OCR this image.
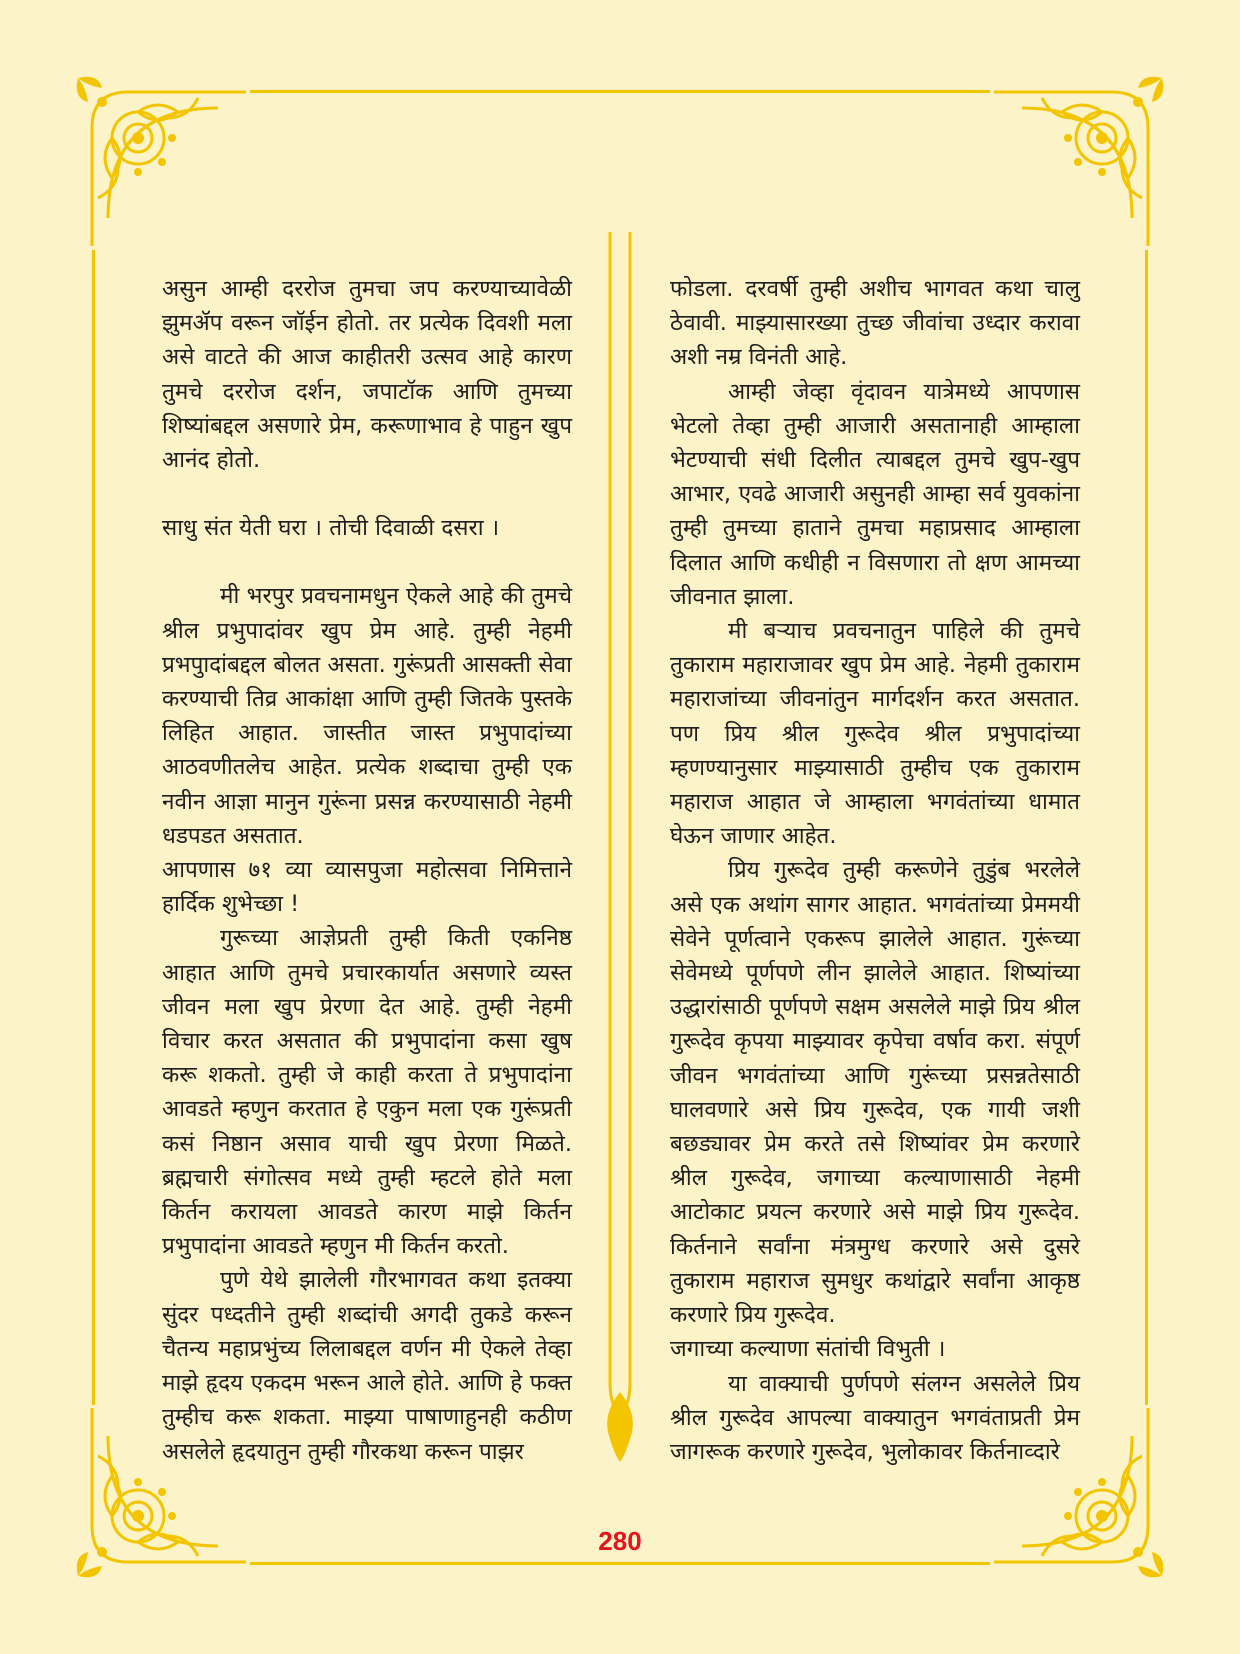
असुन आम्ही दररोज तुमचा जप करण्याच्यावेळी झुमॲप वरून जॉईन होतो. तर प्रत्येक दिवशी मला असे वाटते की आज काहीतरी उत्सव आहे कारण तुमचे दररोज दर्शन, जपाटॉक आणि तुमच्या शिष्यांबद्दल असणारे प्रेम, करूणाभाव हे पाहुन खुप आनंद होतो.

साधु संत येती घरा । तोची दिवाळी दसरा ।

मी भरपुर प्रवचनामधुन ऐकले आहे की तुमचे श्रील प्रभुपादांवर खुप प्रेम आहे. तुम्ही नेहमी प्रभपुादांबद्दल बोलत असता. गुरूंप्रती आसक्ती सेवा करण्याची तिव्र आकांक्षा आणि तुम्ही जितके पुस्तके लिहित आहात. जास्तीत जास्त प्रभुपादांच्या आठवणीतलेच आहेत. प्रत्येक शब्दाचा तुम्ही एक नवीन आज्ञा मानुन गुरूंना प्रसन्न करण्यासाठी नेहमी धडपडत असतात.

आपणास ७१ व्या व्यासपुजा महोत्सवा निमित्ताने हार्दिक शुभेच्छा !

गुरूच्या आज्ञेप्रती तुम्ही किती एकनिष्ठ आहात आणि तुमचे प्रचारकार्यात असणारे व्यस्त जीवन मला खुप प्रेरणा देत आहे. तुम्ही नेहमी विचार करत असतात की प्रभुपादांना कसा खुष करू शकतो. तुम्ही जे काही करता ते प्रभुपादांना आवडते म्हणुन करतात हे एकुन मला एक गुरूंप्रती कसं निष्ठान असाव याची खुप प्रेरणा मिळते. ब्रह्मचारी संगोत्सव मध्ये तुम्ही म्हटले होते मला किर्तन करायला आवडते कारण माझे किर्तन प्रभुपादांना आवडते म्हणुन मी किर्तन करतो.

पुणे येथे झालेली गौरभागवत कथा इतक्या सुंदर पध्दतीने तुम्ही शब्दांची अगदी तुकडे करून चैतन्य महाप्रभुंच्य लिलाबद्दल वर्णन मी ऐकले तेव्हा माझे हृदय एकदम भरून आले होते. आणि हे फक्त तुम्हीच करू शकता. माझ्या पाषाणाहुनही कठीण असलेले हृदयातुन तुम्ही गौरकथा करून पाझर

फोडला. दरवर्षी तुम्ही अशीच भागवत कथा चालु ठेवावी. माझ्यासारख्या तुच्छ जीवांचा उध्दार करावा अशी नम्र विनंती आहे.

आम्ही जेव्हा वृंदावन यात्रेमध्ये आपणास भेटलो तेव्हा तुम्ही आजारी असतानाही आम्हाला भेटण्याची संधी दिलीत त्याबद्दल तुमचे खुप-खुप आभार, एवढे आजारी असुनही आम्हा सर्व युवकांना तुम्ही तुमच्या हाताने तुमचा महाप्रसाद आम्हाला दिलात आणि कधीही न विसणारा तो क्षण आमच्या जीवनात झाला.

मी बऱ्याच प्रवचनातुन पाहिले की तुमचे तुकाराम महाराजावर खुप प्रेम आहे. नेहमी तुकाराम महाराजांच्या जीवनांतुन मार्गदर्शन करत असतात. पण प्रिय श्रील गुरूदेव श्रील प्रभुपादांच्या म्हणण्यानुसार माझ्यासाठी तुम्हीच एक तुकाराम महाराज आहात जे आम्हाला भगवंतांच्या धामात घेऊन जाणार आहेत.

प्रिय गुरूदेव तुम्ही करूणेने तुडुंब भरलेले असे एक अथांग सागर आहात. भगवंतांच्या प्रेममयी सेवेने पूर्णत्वाने एकरूप झालेले आहात. गुरूंच्या सेवेमध्ये पूर्णपणे लीन झालेले आहात. शिष्यांच्या उद्धारांसाठी पूर्णपणे सक्षम असलेले माझे प्रिय श्रील गुरूदेव कृपया माझ्यावर कृपेचा वर्षाव करा. संपूर्ण जीवन भगवंतांच्या आणि गुरूंच्या प्रसन्नतेसाठी घालवणारे असे प्रिय गुरूदेव, एक गायी जशी बछड्यावर प्रेम करते तसे शिष्यांवर प्रेम करणारे श्रील गुरूदेव, जगाच्या कल्याणासाठी नेहमी आटोकाट प्रयत्न करणारे असे माझे प्रिय गुरूदेव. किर्तनाने सर्वांना मंत्रमुग्ध करणारे असे दुसरे तुकाराम महाराज सुमधुर कथांद्वारे सर्वांना आकृष्ठ करणारे प्रिय गुरूदेव.

जगाच्या कल्याणा संतांची विभुती ।

या वाक्याची पुर्णपणे संलग्न असलेले प्रिय श्रील गुरूदेव आपल्या वाक्यातुन भगवंताप्रती प्रेम जागरूक करणारे गुरूदेव, भुलोकावर किर्तनाव्दारे

280
